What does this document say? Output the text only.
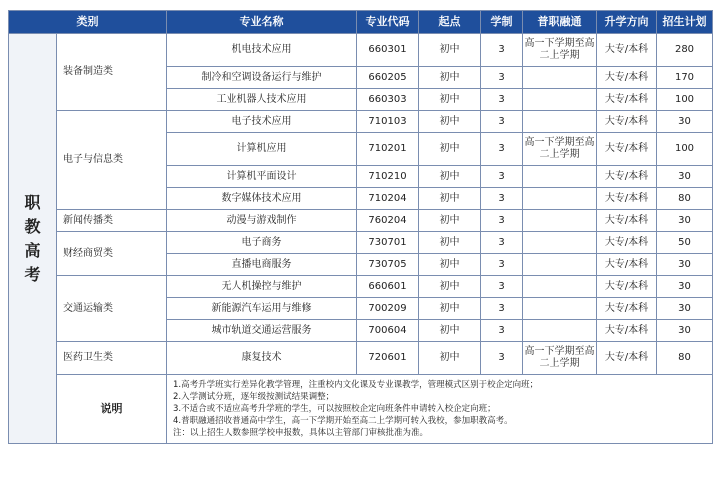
类别		专业名称	专业代码	起点	学制	普职融通	升学方向	招生计划

职
教
高
考	装备制造类	机电技术应用	660301	初中	3	高一下学期至高二上学期	大专/本科	280
		制冷和空调设备运行与维护	660205	初中	3		大专/本科	170
		工业机器人技术应用	660303	初中	3		大专/本科	100
	电子与信息类	电子技术应用	710103	初中	3		大专/本科	30
		计算机应用	710201	初中	3	高一下学期至高二上学期	大专/本科	100
		计算机平面设计	710210	初中	3		大专/本科	30
		数字媒体技术应用	710204	初中	3		大专/本科	80
	新闻传播类	动漫与游戏制作	760204	初中	3		大专/本科	30
	财经商贸类	电子商务	730701	初中	3		大专/本科	50
		直播电商服务	730705	初中	3		大专/本科	30
	交通运输类	无人机操控与维护	660601	初中	3		大专/本科	30
		新能源汽车运用与维修	700209	初中	3		大专/本科	30
		城市轨道交通运营服务	700604	初中	3		大专/本科	30
	医药卫生类	康复技术	720601	初中	3	高一下学期至高二上学期	大专/本科	80
	说明	1.高考升学班实行差异化教学管理，注重校内文化课及专业课教学，管理模式区别于校企定向班；
2.入学测试分班，逐年级按测试结果调整；
3.不适合或不适应高考升学班的学生，可以按照校企定向班条件申请转入校企定向班；
4.普职融通招收普通高中学生，高一下学期开始至高二上学期可转入我校，参加职教高考。
注：以上招生人数参照学校申报数，具体以主管部门审核批准为准。						
